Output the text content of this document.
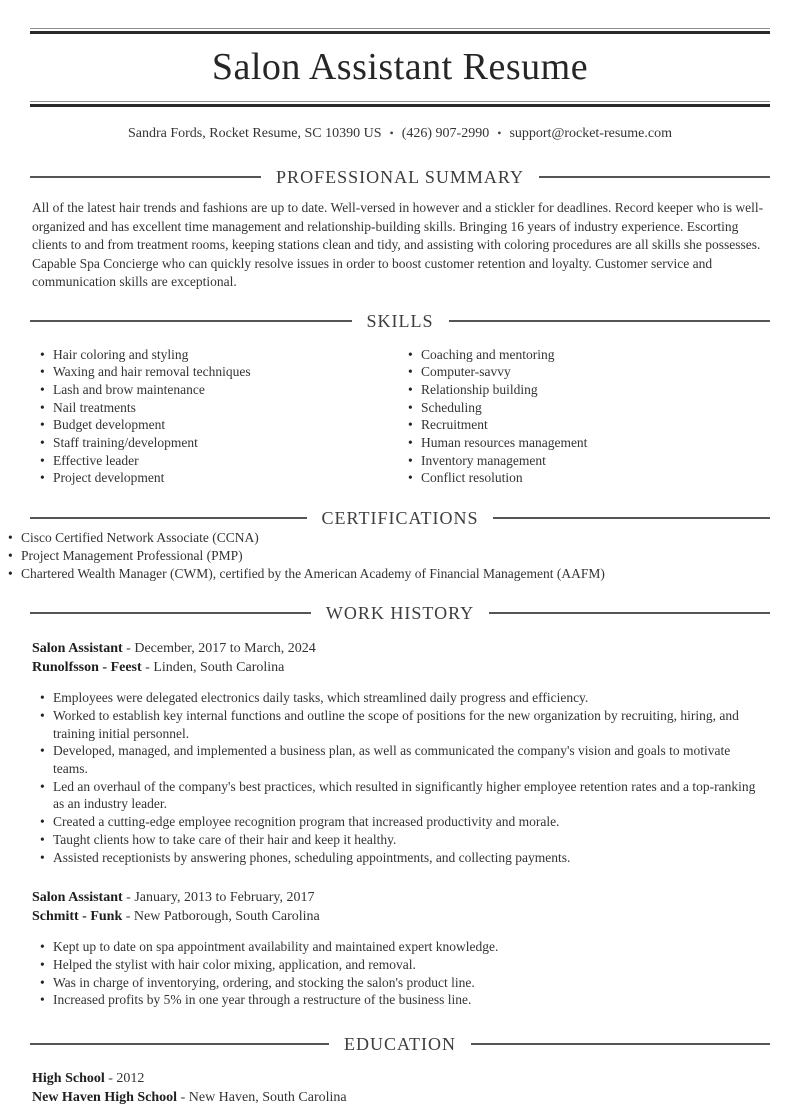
Salon Assistant Resume
Sandra Fords, Rocket Resume, SC 10390 US • (426) 907-2990 • support@rocket-resume.com
PROFESSIONAL SUMMARY

All of the latest hair trends and fashions are up to date. Well-versed in however and a stickler for deadlines. Record keeper who is well-organized and has excellent time management and relationship-building skills. Bringing 16 years of industry experience. Escorting clients to and from treatment rooms, keeping stations clean and tidy, and assisting with coloring procedures are all skills she possesses. Capable Spa Concierge who can quickly resolve issues in order to boost customer retention and loyalty. Customer service and communication skills are exceptional.

SKILLS
• Hair coloring and styling
• Waxing and hair removal techniques
• Lash and brow maintenance
• Nail treatments
• Budget development
• Staff training/development
• Effective leader
• Project development
• Coaching and mentoring
• Computer-savvy
• Relationship building
• Scheduling
• Recruitment
• Human resources management
• Inventory management
• Conflict resolution
CERTIFICATIONS
• Cisco Certified Network Associate (CCNA)
• Project Management Professional (PMP)
• Chartered Wealth Manager (CWM), certified by the American Academy of Financial Management (AAFM)
WORK HISTORY
Salon Assistant - December, 2017 to March, 2024
Runolfsson - Feest - Linden, South Carolina
• Employees were delegated electronics daily tasks, which streamlined daily progress and efficiency.
• Worked to establish key internal functions and outline the scope of positions for the new organization by recruiting, hiring, and training initial personnel.
• Developed, managed, and implemented a business plan, as well as communicated the company's vision and goals to motivate teams.
• Led an overhaul of the company's best practices, which resulted in significantly higher employee retention rates and a top-ranking as an industry leader.
• Created a cutting-edge employee recognition program that increased productivity and morale.
• Taught clients how to take care of their hair and keep it healthy.
• Assisted receptionists by answering phones, scheduling appointments, and collecting payments.
Salon Assistant - January, 2013 to February, 2017
Schmitt - Funk - New Patborough, South Carolina
• Kept up to date on spa appointment availability and maintained expert knowledge.
• Helped the stylist with hair color mixing, application, and removal.
• Was in charge of inventorying, ordering, and stocking the salon's product line.
• Increased profits by 5% in one year through a restructure of the business line.
EDUCATION
High School - 2012
New Haven High School - New Haven, South Carolina
